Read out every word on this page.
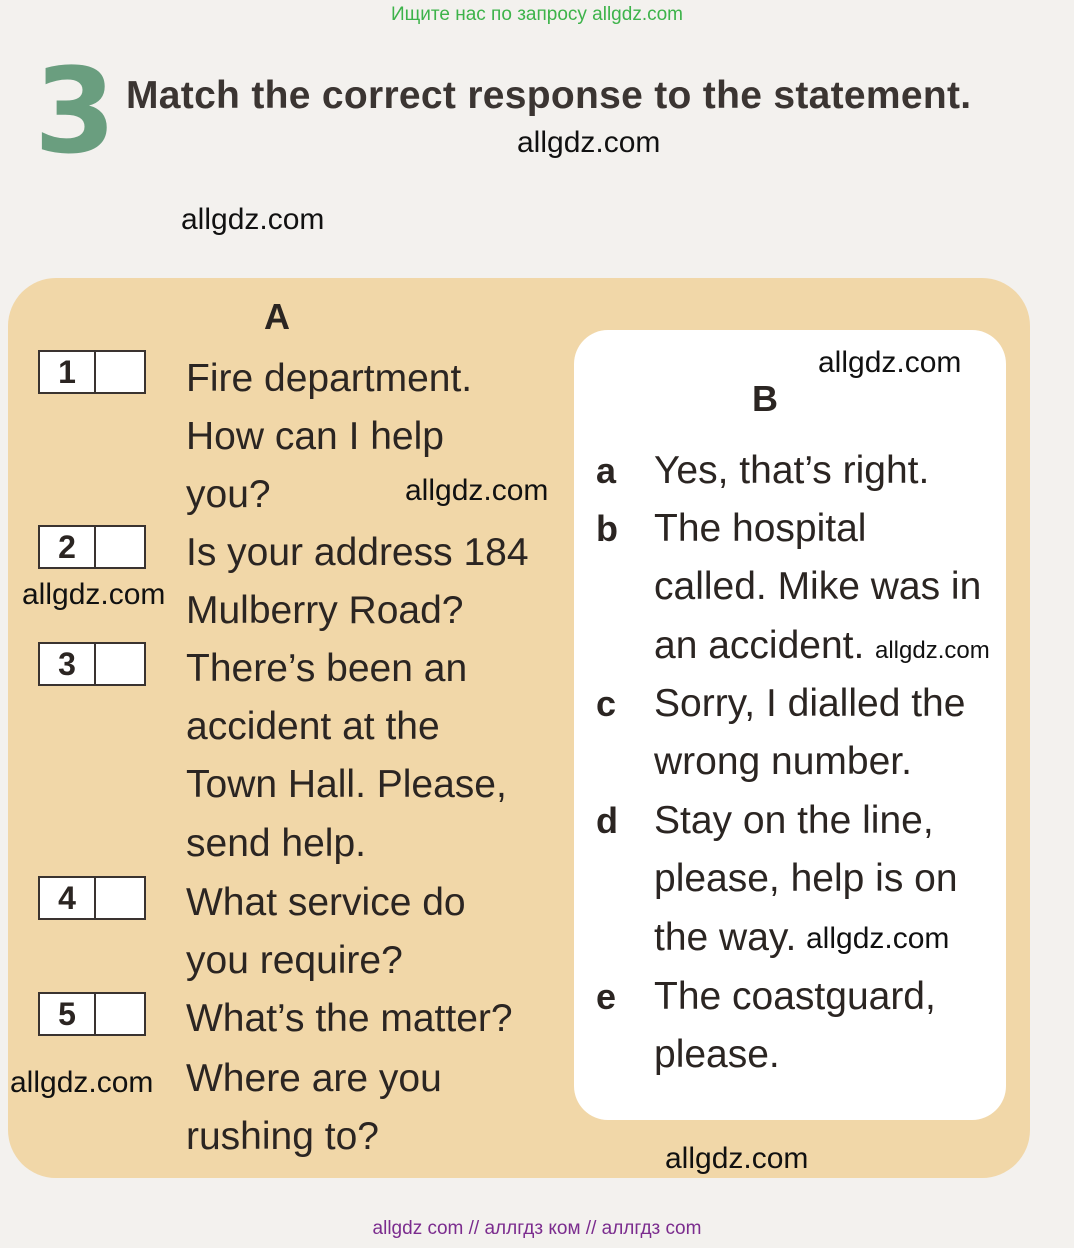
Ищите нас по запросу allgdz.com
3 Match the correct response to the statement.
allgdz.com
allgdz.com
A
1	Fire department.
How can I help
you?
2	Is your address 184
Mulberry Road?
3	There’s been an
accident at the
Town Hall. Please,
send help.
4	What service do
you require?
5	What’s the matter?
Where are you
rushing to?
B
a Yes, that’s right.
b The hospital
called. Mike was in
an accident.
c Sorry, I dialled the
wrong number.
d Stay on the line,
please, help is on
the way.
e The coastguard,
please.
allgdz.com
allgdz.com
allgdz.com
allgdz.com
allgdz.com
allgdz.com
allgdz.com
allgdz com // аллгдз ком // аллгдз com
